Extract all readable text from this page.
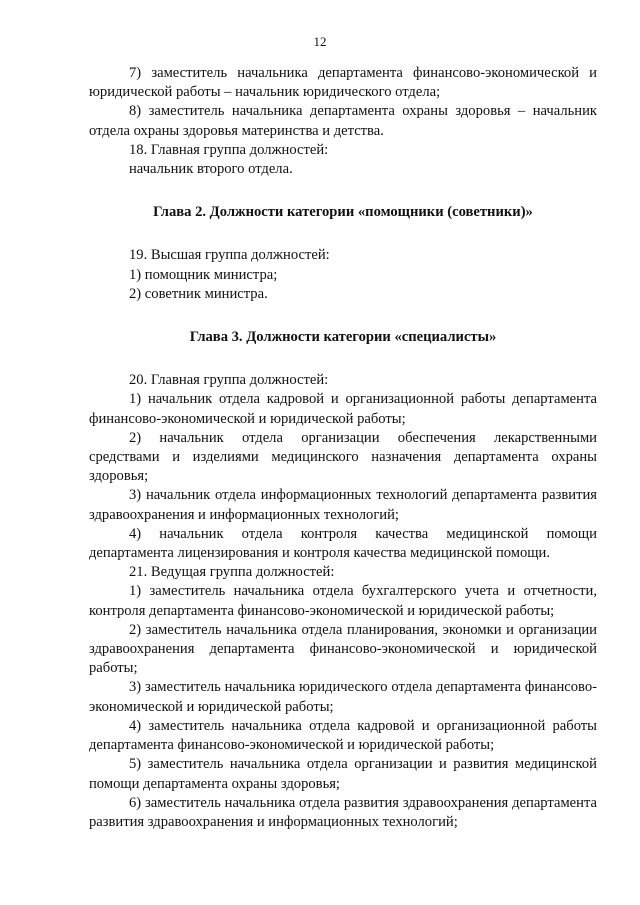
12

7) заместитель начальника департамента финансово-экономической и юридической работы – начальник юридического отдела;

8) заместитель начальника департамента охраны здоровья – начальник отдела охраны здоровья материнства и детства.

18. Главная группа должностей:

начальник второго отдела.

Глава 2. Должности категории «помощники (советники)»

19. Высшая группа должностей:

1) помощник министра;

2) советник министра.

Глава 3. Должности категории «специалисты»

20. Главная группа должностей:

1) начальник отдела кадровой и организационной работы департамента финансово-экономической и юридической работы;

2) начальник отдела организации обеспечения лекарственными средствами и изделиями медицинского назначения департамента охраны здоровья;

3) начальник отдела информационных технологий департамента развития здравоохранения и информационных технологий;

4) начальник отдела контроля качества медицинской помощи департамента лицензирования и контроля качества медицинской помощи.

21. Ведущая группа должностей:

1) заместитель начальника отдела бухгалтерского учета и отчетности, контроля департамента финансово-экономической и юридической работы;

2) заместитель начальника отдела планирования, экономки и организации здравоохранения департамента финансово-экономической и юридической работы;

3) заместитель начальника юридического отдела департамента финансово-экономической и юридической работы;

4) заместитель начальника отдела кадровой и организационной работы департамента финансово-экономической и юридической работы;

5) заместитель начальника отдела организации и развития медицинской помощи департамента охраны здоровья;

6) заместитель начальника отдела развития здравоохранения департамента развития здравоохранения и информационных технологий;
